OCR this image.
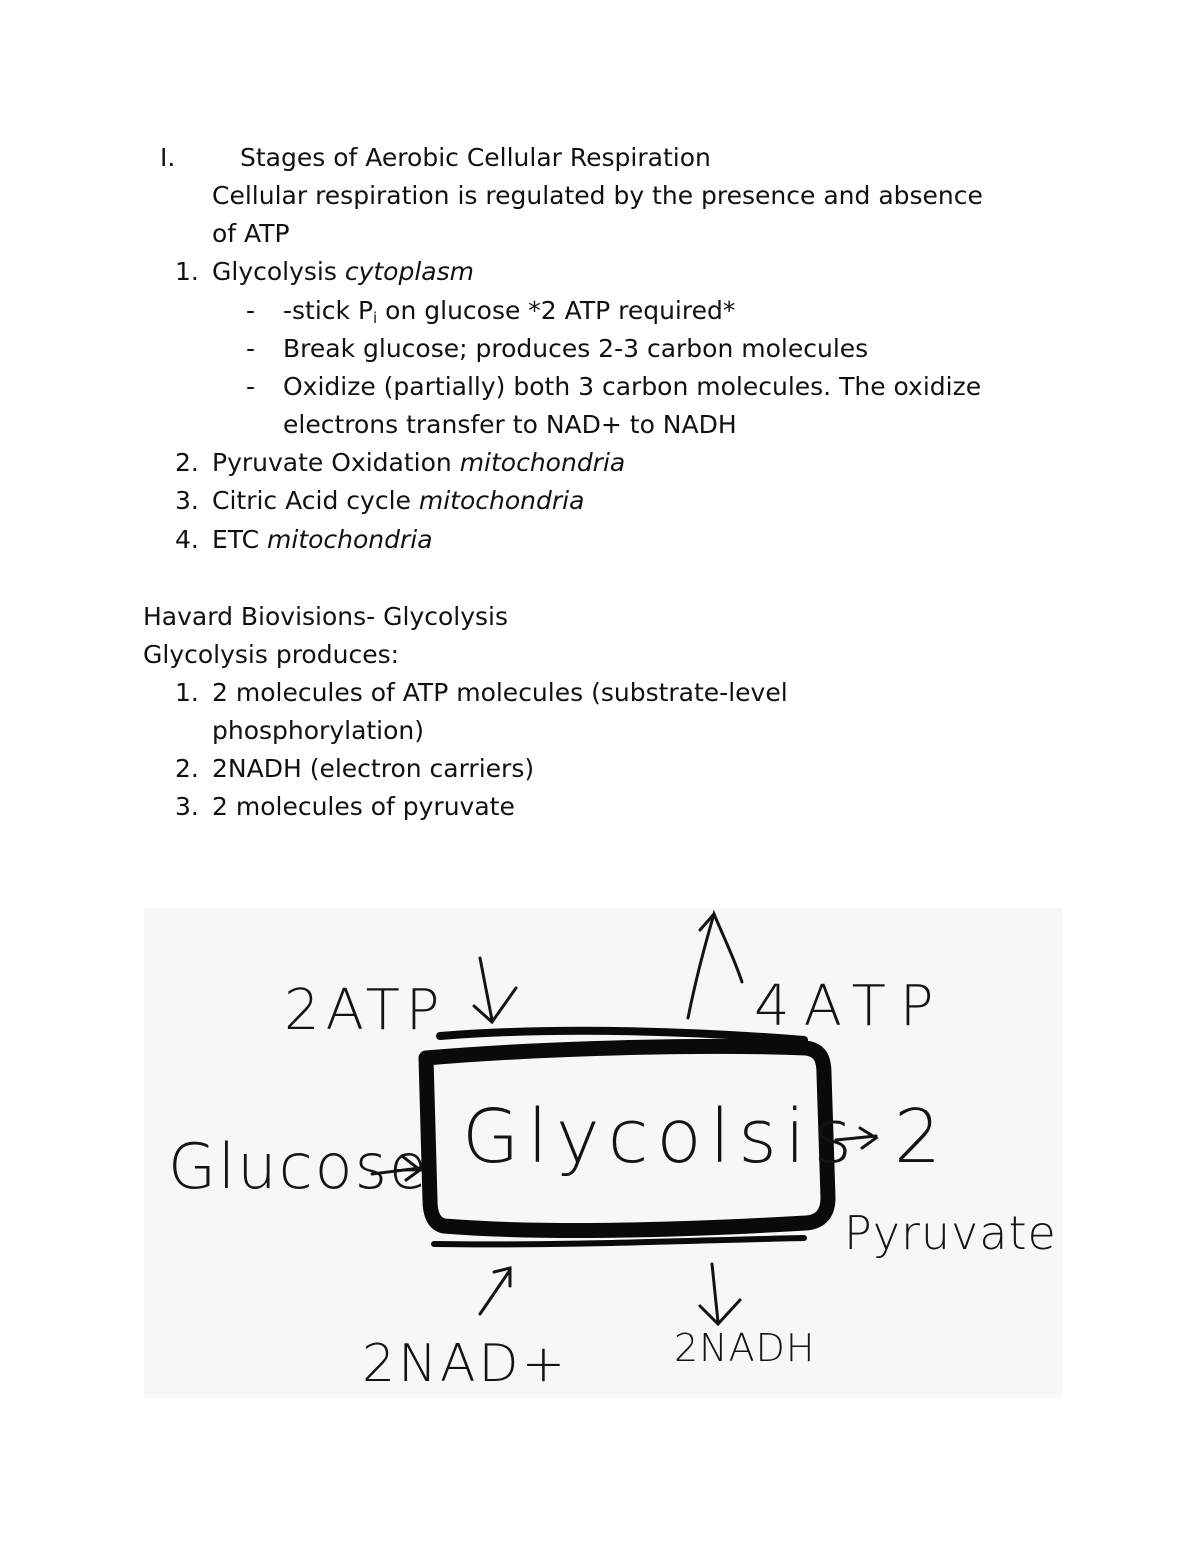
I.	Stages of Aerobic Cellular Respiration
Cellular respiration is regulated by the presence and absence
of ATP
1. Glycolysis cytoplasm
- -stick $P_i$ on glucose *2 ATP required*
- Break glucose; produces 2-3 carbon molecules
- Oxidize (partially) both 3 carbon molecules. The oxidize
electrons transfer to NAD+ to NADH
2. Pyruvate Oxidation mitochondria
3. Citric Acid cycle mitochondria
4. ETC mitochondria
Havard Biovisions- Glycolysis
Glycolysis produces:
1. 2 molecules of ATP molecules (substrate-level
phosphorylation)
2. 2NADH (electron carriers)
3. 2 molecules of pyruvate
Glycolsis
Glucose
2ATP	4ATP
2
Pyruvate
2NAD+	2NADH
